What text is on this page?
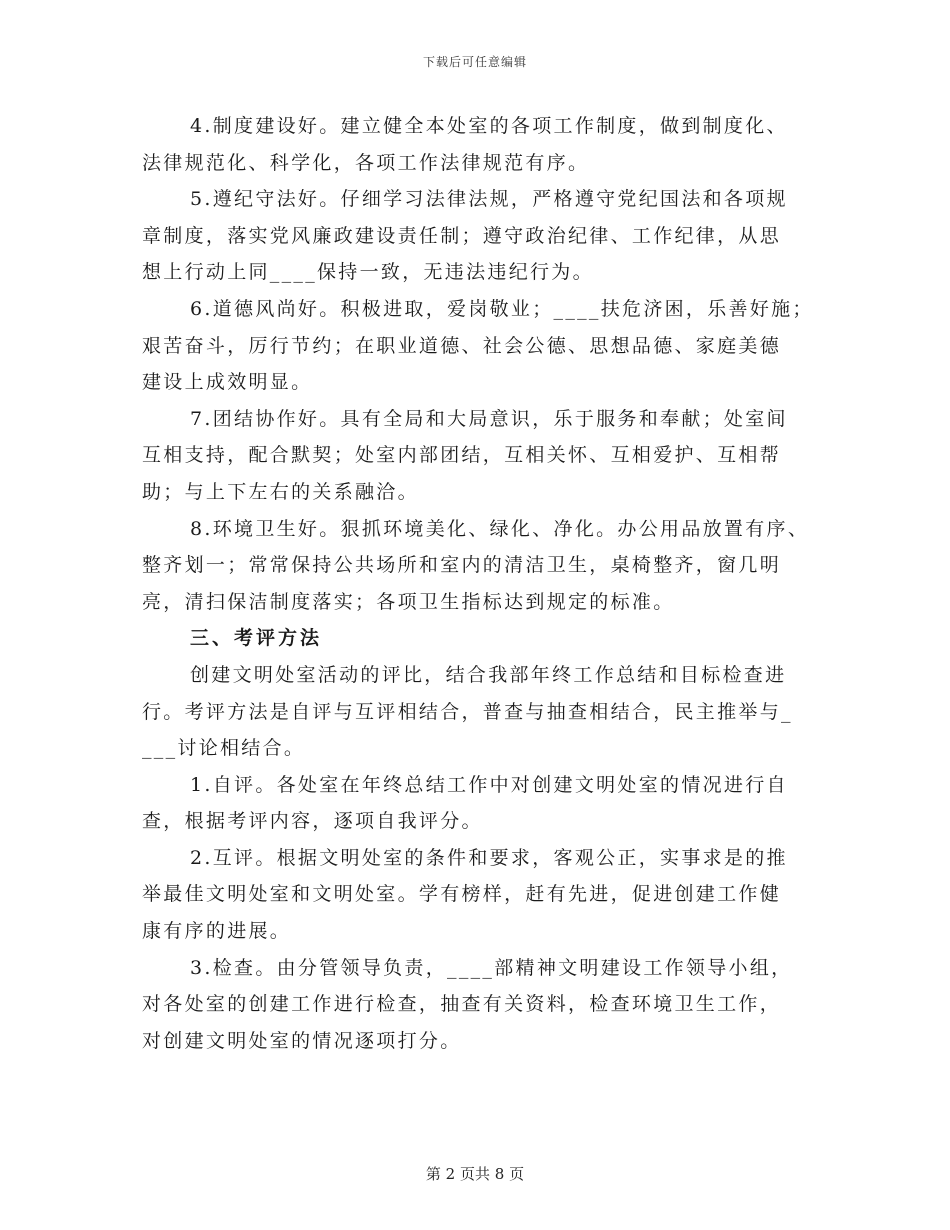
下载后可任意编辑
4.制度建设好。建立健全本处室的各项工作制度，做到制度化、
法律规范化、科学化，各项工作法律规范有序。
5.遵纪守法好。仔细学习法律法规，严格遵守党纪国法和各项规
章制度，落实党风廉政建设责任制；遵守政治纪律、工作纪律，从思
想上行动上同____保持一致，无违法违纪行为。
6.道德风尚好。积极进取，爱岗敬业；____扶危济困，乐善好施；
艰苦奋斗，厉行节约；在职业道德、社会公德、思想品德、家庭美德
建设上成效明显。
7.团结协作好。具有全局和大局意识，乐于服务和奉献；处室间
互相支持，配合默契；处室内部团结，互相关怀、互相爱护、互相帮
助；与上下左右的关系融洽。
8.环境卫生好。狠抓环境美化、绿化、净化。办公用品放置有序、
整齐划一；常常保持公共场所和室内的清洁卫生，桌椅整齐，窗几明
亮，清扫保洁制度落实；各项卫生指标达到规定的标准。
三、考评方法
创建文明处室活动的评比，结合我部年终工作总结和目标检查进
行。考评方法是自评与互评相结合，普查与抽查相结合，民主推举与_
___讨论相结合。
1.自评。各处室在年终总结工作中对创建文明处室的情况进行自
查，根据考评内容，逐项自我评分。
2.互评。根据文明处室的条件和要求，客观公正，实事求是的推
举最佳文明处室和文明处室。学有榜样，赶有先进，促进创建工作健
康有序的进展。
3.检查。由分管领导负责，____部精神文明建设工作领导小组，
对各处室的创建工作进行检查，抽查有关资料，检查环境卫生工作，
对创建文明处室的情况逐项打分。
第 2 页共 8 页
